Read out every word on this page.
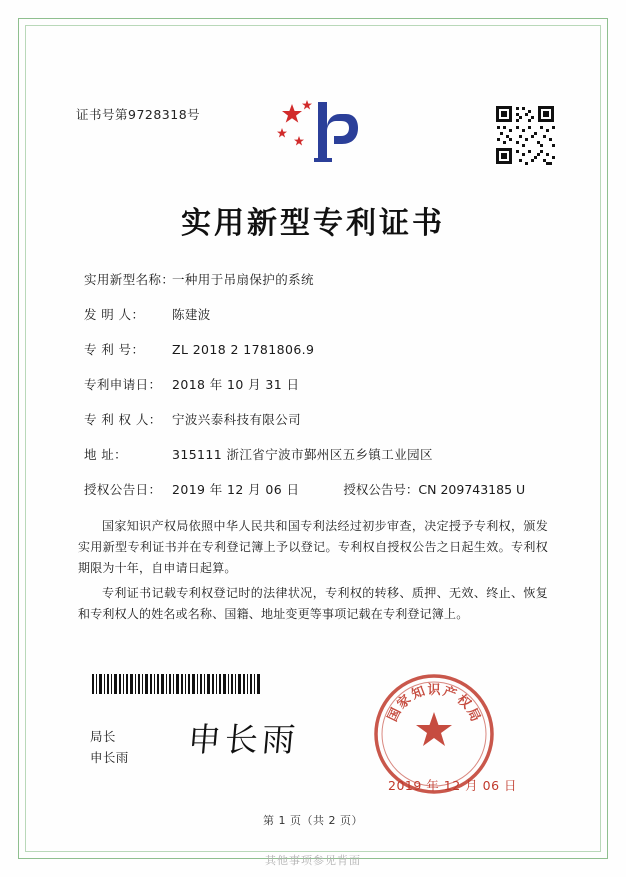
证书号第9728318号
实用新型专利证书
实用新型名称：一种用于吊扇保护的系统
发 明 人： 陈建波
专 利 号： ZL 2018 2 1781806.9
专利申请日： 2018 年 10 月 31 日
专 利 权 人： 宁波兴泰科技有限公司
地 址：	315111 浙江省宁波市鄞州区五乡镇工业园区
授权公告日： 2019 年 12 月 06 日	授权公告号：CN 209743185 U

国家知识产权局依照中华人民共和国专利法经过初步审查，决定授予专利权，颁发实用新型专利证书并在专利登记簿上予以登记。专利权自授权公告之日起生效。专利权期限为十年，自申请日起算。

专利证书记载专利权登记时的法律状况，专利权的转移、质押、无效、终止、恢复和专利权人的姓名或名称、国籍、地址变更等事项记载在专利登记簿上。

局长
申长雨 申长雨
国
家
知 识 产
权
局
2019 年 12 月 06 日
第 1 页（共 2 页）
其他事项参见背面
